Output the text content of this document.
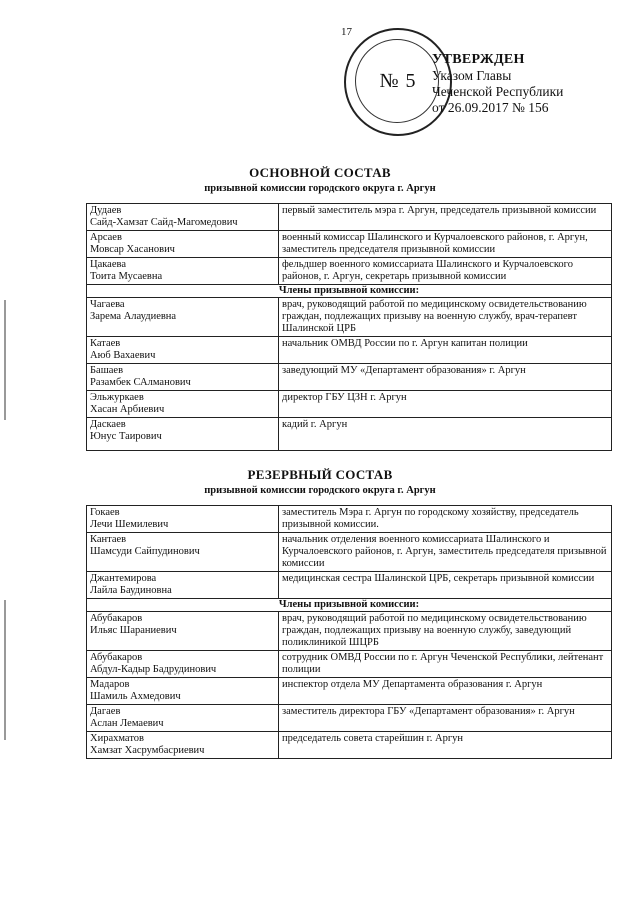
17
№ 5
УТВЕРЖДЕН
Указом Главы
Чеченской Республики
от 26.09.2017 № 156
ОСНОВНОЙ СОСТАВ
призывной комиссии городского округа г. Аргун
Дудаев
Сайд-Хамзат Сайд-Магомедович	первый заместитель мэра г. Аргун, председатель призывной комиссии

Арсаев
Мовсар Хасанович	военный комиссар Шалинского и Курчалоевского районов, г. Аргун, заместитель председателя призывной комиссии

Цакаева
Тоита Мусаевна	фельдшер военного комиссариата Шалинского и Курчалоевского районов, г. Аргун, секретарь призывной комиссии
Члены призывной комиссии:	

Чагаева
Зарема Алаудиевна	врач, руководящий работой по медицинскому освидетельствованию граждан, подлежащих призыву на военную службу, врач-терапевт Шалинской ЦРБ

Катаев
Аюб Вахаевич	начальник ОМВД России по г. Аргун капитан полиции

Башаев
Разамбек САлманович	заведующий МУ «Департамент образования» г. Аргун

Эльжуркаев
Хасан Арбиевич	директор ГБУ ЦЗН г. Аргун

Даскаев
Юнус Таирович	кадий г. Аргун
РЕЗЕРВНЫЙ СОСТАВ
призывной комиссии городского округа г. Аргун
Гокаев
Лечи Шемилевич	заместитель Мэра г. Аргун по городскому хозяйству, председатель призывной комиссии.

Кантаев
Шамсуди Сайпудинович	начальник отделения военного комиссариата Шалинского и Курчалоевского районов, г. Аргун, заместитель председателя призывной комиссии

Джантемирова
Лайла Баудиновна	медицинская сестра Шалинской ЦРБ, секретарь призывной комиссии
Члены призывной комиссии:	

Абубакаров
Ильяс Шараниевич	врач, руководящий работой по медицинскому освидетельствованию граждан, подлежащих призыву на военную службу, заведующий поликлиникой ШЦРБ

Абубакаров
Абдул-Кадыр Бадрудинович	сотрудник ОМВД России по г. Аргун Чеченской Республики, лейтенант полиции

Мадаров
Шамиль Ахмедович	инспектор отдела МУ Департамента образования г. Аргун

Дагаев
Аслан Лемаевич	заместитель директора ГБУ «Департамент образования» г. Аргун

Хирахматов
Хамзат Хасрумбасриевич	председатель совета старейшин г. Аргун
